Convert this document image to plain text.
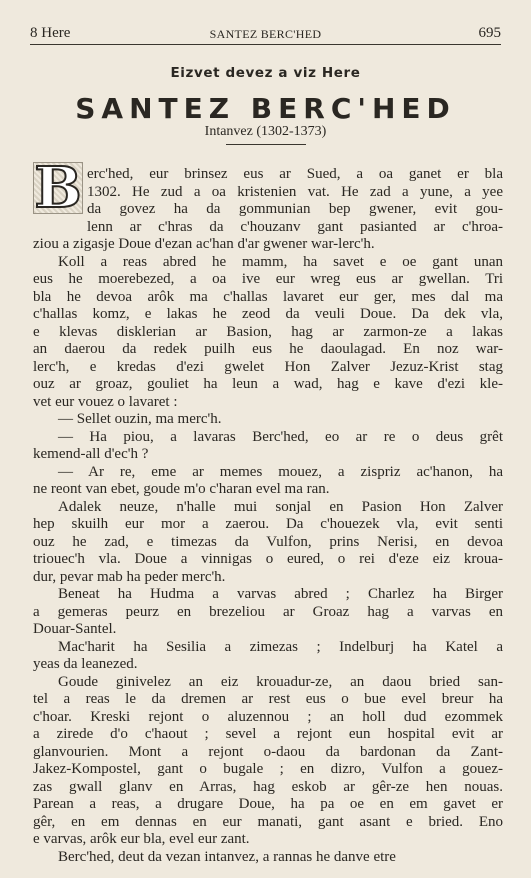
8 Here	SANTEZ BERC'HED	695
Eizvet devez a viz Here
SANTEZ BERC'HED
Intanvez (1302-1373)
B erc'hed, eur brinsez eus ar Sued, a oa ganet er bla
1302. He zud a oa kristenien vat. He zad a yune, a yee
da govez ha da gommunian bep gwener, evit gou-
lenn ar c'hras da c'houzanv gant pasianted ar c'hroa-
ziou a zigasje Doue d'ezan ac'han d'ar gwener war-lerc'h.
Koll a reas abred he mamm, ha savet e oe gant unan
eus he moerebezed, a oa ive eur wreg eus ar gwellan. Tri
bla he devoa arôk ma c'hallas lavaret eur ger, mes dal ma
c'hallas komz, e lakas he zeod da veuli Doue. Da dek vla,
e klevas disklerian ar Basion, hag ar zarmon-ze a lakas
an daerou da redek puilh eus he daoulagad. En noz war-
lerc'h, e kredas d'ezi gwelet Hon Zalver Jezuz-Krist stag
ouz ar groaz, gouliet ha leun a wad, hag e kave d'ezi kle-
vet eur vouez o lavaret :
— Sellet ouzin, ma merc'h.
— Ha piou, a lavaras Berc'hed, eo ar re o deus grêt
kemend-all d'ec'h ?
— Ar re, eme ar memes mouez, a zispriz ac'hanon, ha
ne reont van ebet, goude m'o c'haran evel ma ran.
Adalek neuze, n'halle mui sonjal en Pasion Hon Zalver
hep skuilh eur mor a zaerou. Da c'houezek vla, evit senti
ouz he zad, e timezas da Vulfon, prins Nerisi, en devoa
triouec'h vla. Doue a vinnigas o eured, o rei d'eze eiz kroua-
dur, pevar mab ha peder merc'h.
Beneat ha Hudma a varvas abred ; Charlez ha Birger
a gemeras peurz en brezeliou ar Groaz hag a varvas en
Douar-Santel.
Mac'harit ha Sesilia a zimezas ; Indelburj ha Katel a
yeas da leanezed.
Goude ginivelez an eiz krouadur-ze, an daou bried san-
tel a reas le da dremen ar rest eus o bue evel breur ha
c'hoar. Kreski rejont o aluzennou ; an holl dud ezommek
a zirede d'o c'haout ; sevel a rejont eun hospital evit ar
glanvourien. Mont a rejont o-daou da bardonan da Zant-
Jakez-Kompostel, gant o bugale ; en dizro, Vulfon a gouez-
zas gwall glanv en Arras, hag eskob ar gêr-ze hen nouas.
Parean a reas, a drugare Doue, ha pa oe en em gavet er
gêr, en em dennas en eur manati, gant asant e bried. Eno
e varvas, arôk eur bla, evel eur zant.
Berc'hed, deut da vezan intanvez, a rannas he danve etre
